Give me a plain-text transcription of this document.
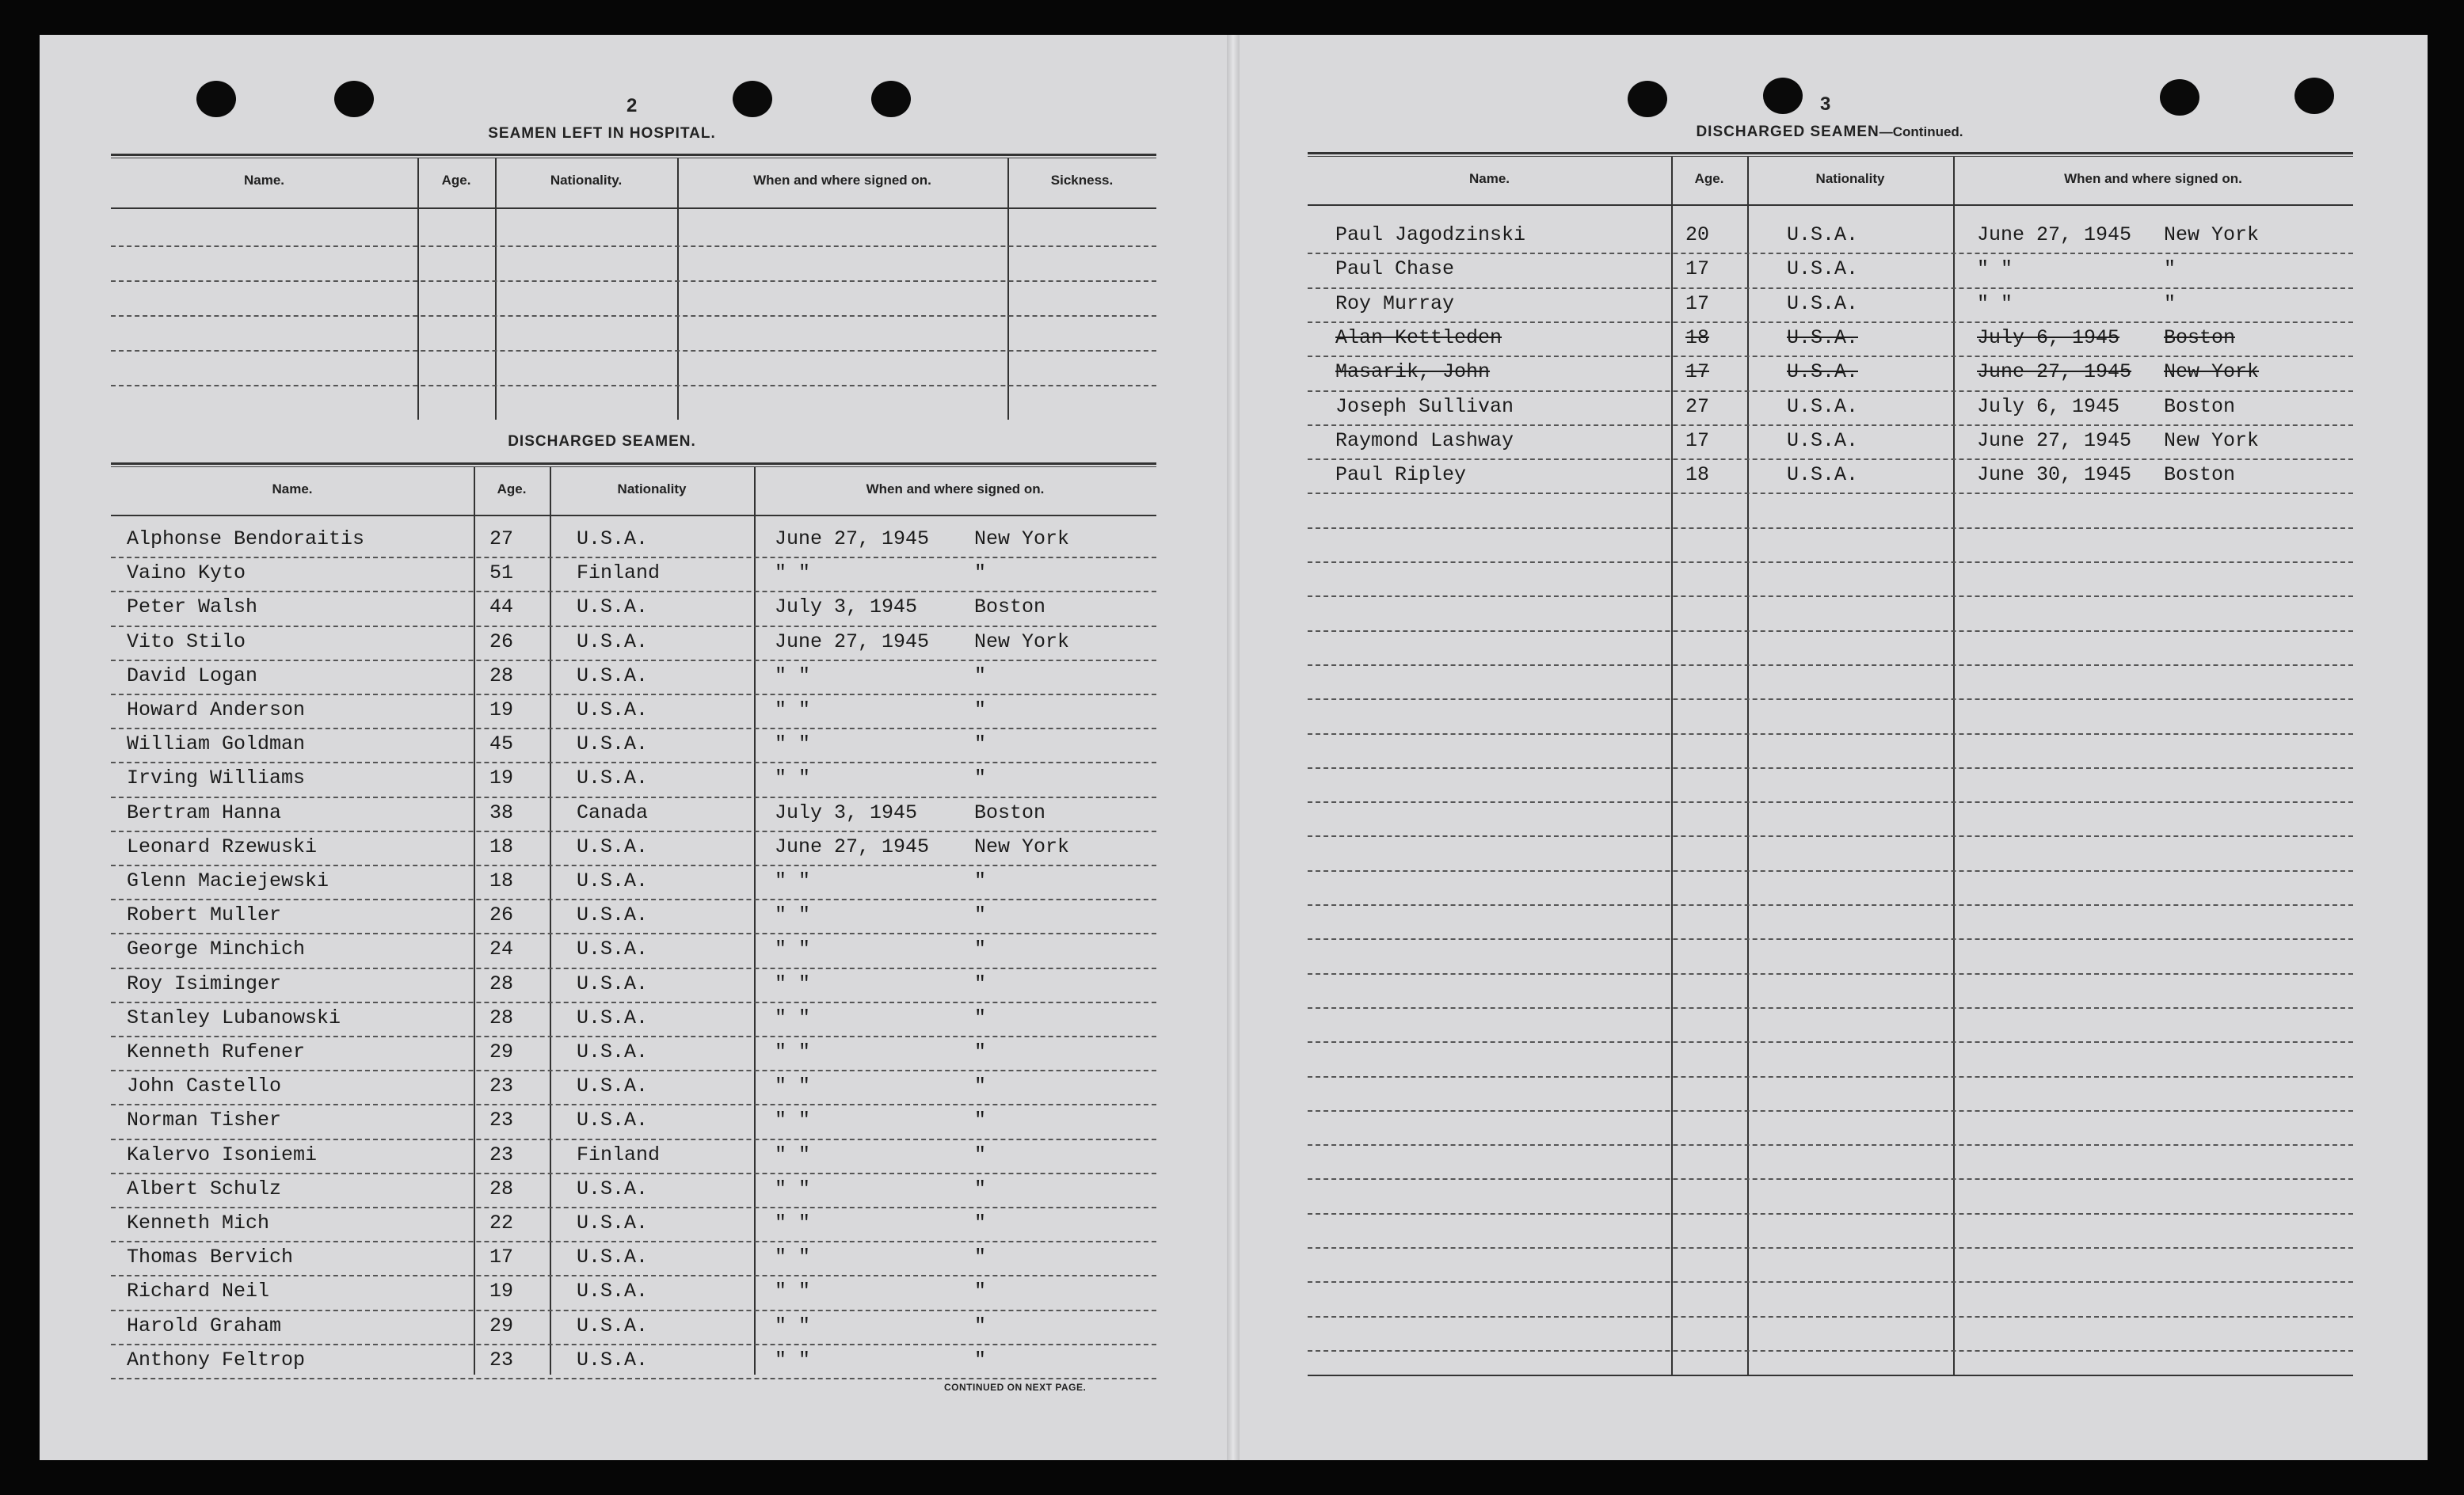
2
SEAMEN LEFT IN HOSPITAL.
Name.	Age.	Nationality.	When and where signed on.	Sickness.
DISCHARGED SEAMEN.
Name.	Age.	Nationality	When and where signed on.
Alphonse Bendoraitis	27	U.S.A.	June 27, 1945 New York
Vaino Kyto	51	Finland	" "	"
Peter Walsh	44	U.S.A.	July 3, 1945	Boston
Vito Stilo	26	U.S.A.	June 27, 1945 New York
David Logan	28	U.S.A.	" "	"
Howard Anderson	19	U.S.A.	" "	"
William Goldman	45	U.S.A.	" "	"
Irving Williams	19	U.S.A.	" "	"
Bertram Hanna	38	Canada	July 3, 1945	Boston
Leonard Rzewuski	18	U.S.A.	June 27, 1945 New York
Glenn Maciejewski	18	U.S.A.	" "	"
Robert Muller	26	U.S.A.	" "	"
George Minchich	24	U.S.A.	" "	"
Roy Isiminger	28	U.S.A.	" "	"
Stanley Lubanowski	28	U.S.A.	" "	"
Kenneth Rufener	29	U.S.A.	" "	"
John Castello	23	U.S.A.	" "	"
Norman Tisher	23	U.S.A.	" "	"
Kalervo Isoniemi	23	Finland	" "	"
Albert Schulz	28	U.S.A.	" "	"
Kenneth Mich	22	U.S.A.	" "	"
Thomas Bervich	17	U.S.A.	" "	"
Richard Neil	19	U.S.A.	" "	"
Harold Graham	29	U.S.A.	" "	"
Anthony Feltrop	23	U.S.A.	" "	"
CONTINUED ON NEXT PAGE.
3
DISCHARGED SEAMEN—Continued.
Name.	Age.	Nationality	When and where signed on.
Paul Jagodzinski	20	U.S.A.	June 27, 1945 New York
Paul Chase	17	U.S.A.	" "	"
Roy Murray	17	U.S.A.	" "	"
Alan Kettleden	18	U.S.A.	July 6, 1945 Boston
Masarik, John	17	U.S.A.	June 27, 1945 New York
Joseph Sullivan	27	U.S.A.	July 6, 1945 Boston
Raymond Lashway	17	U.S.A.	June 27, 1945 New York
Paul Ripley	18	U.S.A.	June 30, 1945 Boston
